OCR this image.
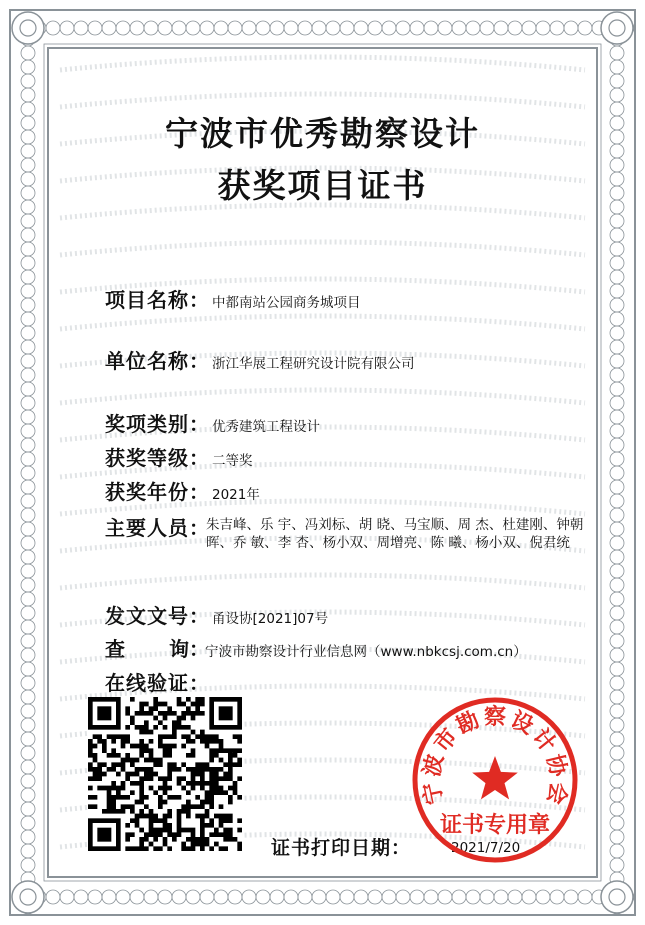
宁波市优秀勘察设计
获奖项目证书
项目名称 ： 中都南站公园商务城项目
单位名称 ： 浙江华展工程研究设计院有限公司
奖项类别 ： 优秀建筑工程设计
获奖等级 ： 二等奖
获奖年份 ： 2021年
主要人员：
朱吉峰、乐 宇、冯刘标、胡 晓、马宝顺、周 杰、杜建刚、钟朝晖、乔 敏、李 杏、杨小双、周增亮、陈 曦、杨小双、倪君统
发文文号 ： 甬设协[2021]07号
查 询：
宁波市勘察设计行业信息网（www.nbkcsj.com.cn）
在线验证：
证书打印日期：	2021/7/20
宁
波
市
勘 察 设
计
协
会
证书专用章
